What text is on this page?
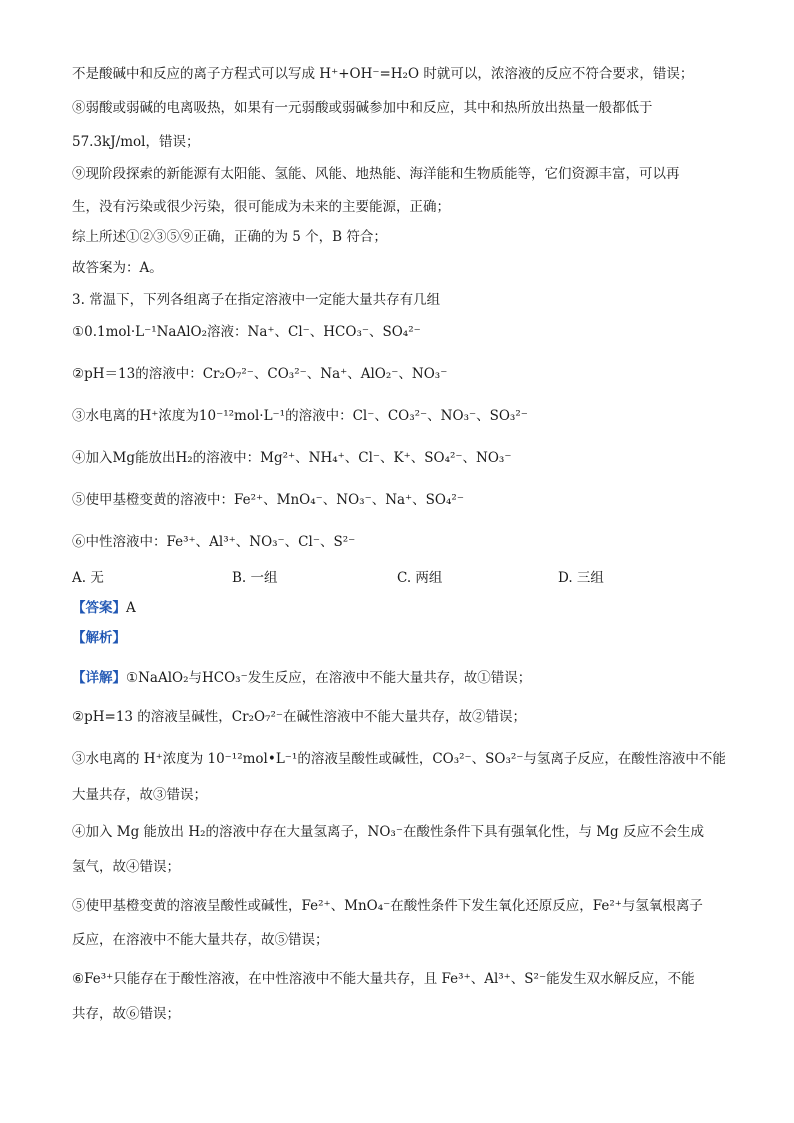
不是酸碱中和反应的离子方程式可以写成 H⁺+OH⁻=H₂O 时就可以，浓溶液的反应不符合要求，错误；
⑧弱酸或弱碱的电离吸热，如果有一元弱酸或弱碱参加中和反应，其中和热所放出热量一般都低于
57.3kJ/mol，错误；
⑨现阶段探索的新能源有太阳能、氢能、风能、地热能、海洋能和生物质能等，它们资源丰富，可以再
生，没有污染或很少污染，很可能成为未来的主要能源，正确；
综上所述①②③⑤⑨正确，正确的为 5 个，B 符合；
故答案为：A。
3. 常温下，下列各组离子在指定溶液中一定能大量共存有几组
①0.1mol·L⁻¹NaAlO₂溶液：Na⁺、Cl⁻、HCO₃⁻、SO₄²⁻
②pH＝13的溶液中：Cr₂O₇²⁻、CO₃²⁻、Na⁺、AlO₂⁻、NO₃⁻
③水电离的H⁺浓度为10⁻¹²mol·L⁻¹的溶液中：Cl⁻、CO₃²⁻、NO₃⁻、SO₃²⁻
④加入Mg能放出H₂的溶液中：Mg²⁺、NH₄⁺、Cl⁻、K⁺、SO₄²⁻、NO₃⁻
⑤使甲基橙变黄的溶液中：Fe²⁺、MnO₄⁻、NO₃⁻、Na⁺、SO₄²⁻
⑥中性溶液中：Fe³⁺、Al³⁺、NO₃⁻、Cl⁻、S²⁻
A. 无	B. 一组	C. 两组	D. 三组
【答案】A
【解析】
【详解】①NaAlO₂与HCO₃⁻发生反应，在溶液中不能大量共存，故①错误；
②pH=13 的溶液呈碱性，Cr₂O₇²⁻在碱性溶液中不能大量共存，故②错误；
③水电离的 H⁺浓度为 10⁻¹²mol•L⁻¹的溶液呈酸性或碱性，CO₃²⁻、SO₃²⁻与氢离子反应，在酸性溶液中不能
大量共存，故③错误；
④加入 Mg 能放出 H₂的溶液中存在大量氢离子，NO₃⁻在酸性条件下具有强氧化性，与 Mg 反应不会生成
氢气，故④错误；
⑤使甲基橙变黄的溶液呈酸性或碱性，Fe²⁺、MnO₄⁻在酸性条件下发生氧化还原反应，Fe²⁺与氢氧根离子
反应，在溶液中不能大量共存，故⑤错误；
⑥Fe³⁺只能存在于酸性溶液，在中性溶液中不能大量共存，且 Fe³⁺、Al³⁺、S²⁻能发生双水解反应，不能
共存，故⑥错误；
